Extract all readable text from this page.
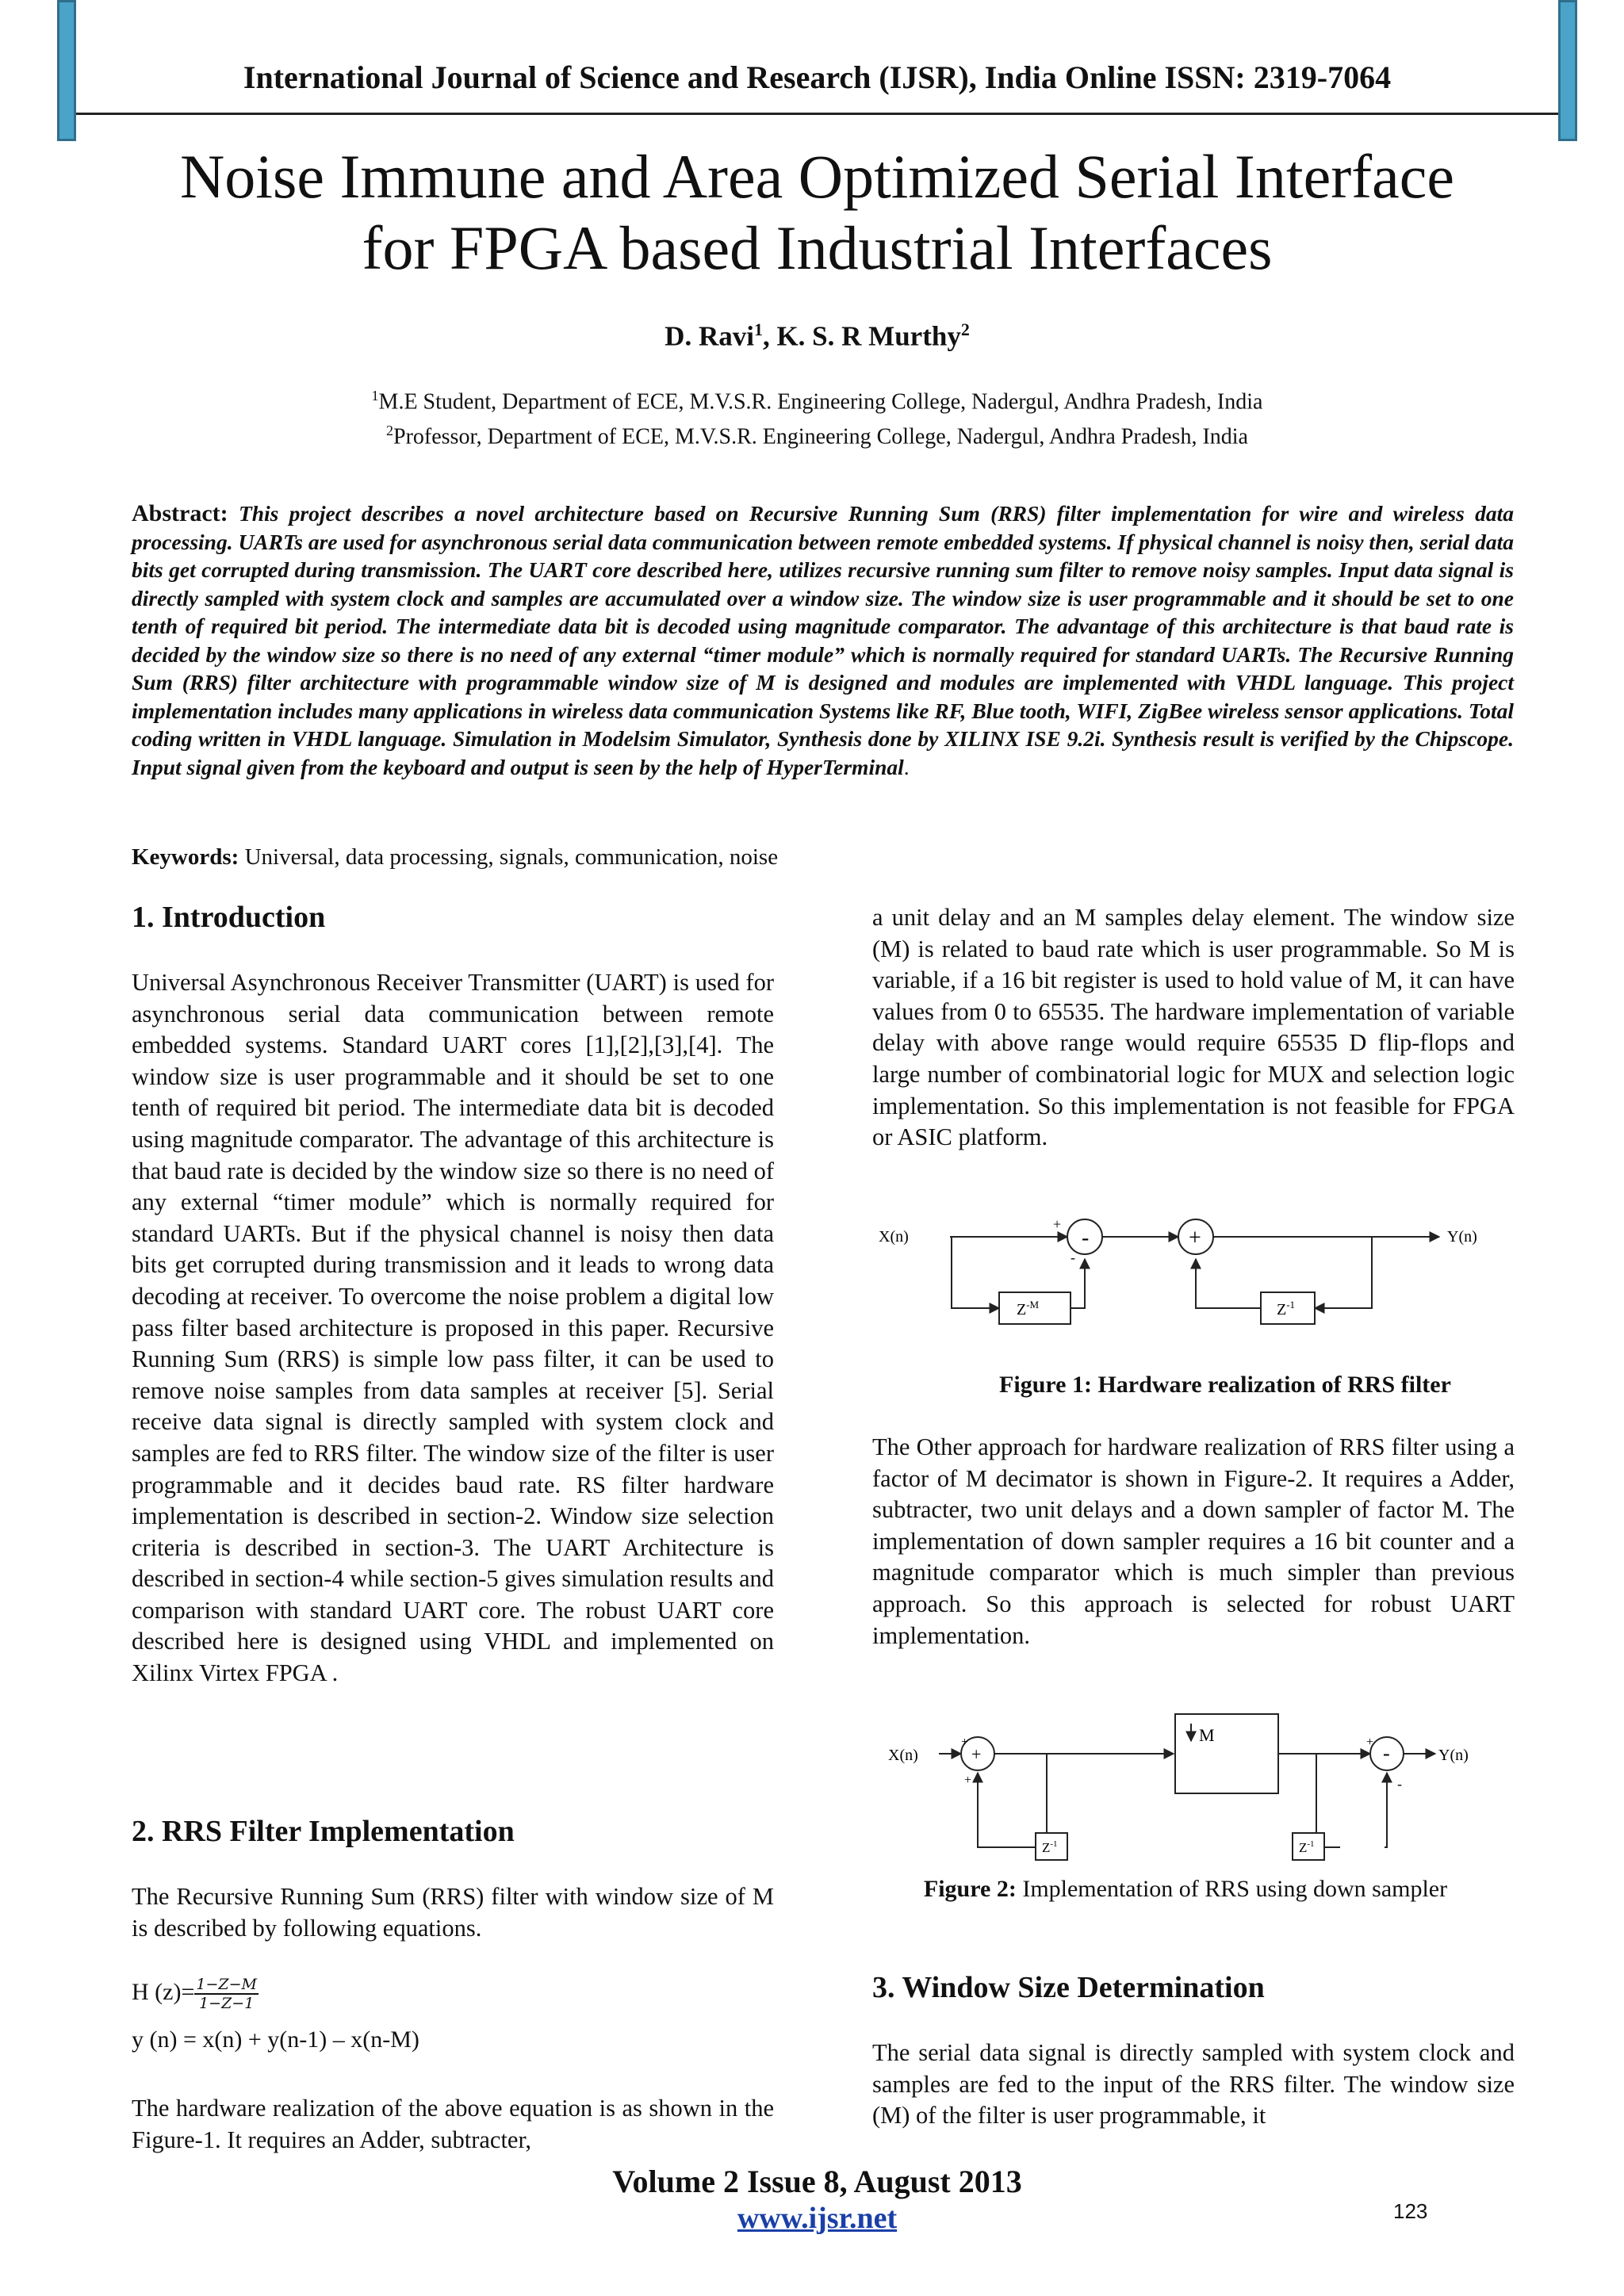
International Journal of Science and Research (IJSR), India Online ISSN: 2319-7064
Noise Immune and Area Optimized Serial Interface
for FPGA based Industrial Interfaces
D. Ravi$^1$, K. S. R Murthy$^2$
$^1$M.E Student, Department of ECE, M.V.S.R. Engineering College, Nadergul, Andhra Pradesh, India
$^2$Professor, Department of ECE, M.V.S.R. Engineering College, Nadergul, Andhra Pradesh, India
Abstract: This project describes a novel architecture based on Recursive Running Sum (RRS) filter implementation for wire and wireless data processing. UARTs are used for asynchronous serial data communication between remote embedded systems. If physical channel is noisy then, serial data bits get corrupted during transmission. The UART core described here, utilizes recursive running sum filter to remove noisy samples. Input data signal is directly sampled with system clock and samples are accumulated over a window size. The window size is user programmable and it should be set to one tenth of required bit period. The intermediate data bit is decoded using magnitude comparator. The advantage of this architecture is that baud rate is decided by the window size so there is no need of any external “timer module” which is normally required for standard UARTs. The Recursive Running Sum (RRS) filter architecture with programmable window size of M is designed and modules are implemented with VHDL language. This project implementation includes many applications in wireless data communication Systems like RF, Blue tooth, WIFI, ZigBee wireless sensor applications. Total coding written in VHDL language. Simulation in Modelsim Simulator, Synthesis done by XILINX ISE 9.2i. Synthesis result is verified by the Chipscope. Input signal given from the keyboard and output is seen by the help of HyperTerminal.
Keywords: Universal, data processing, signals, communication, noise
1. Introduction
Universal Asynchronous Receiver Transmitter (UART) is used for asynchronous serial data communication between remote embedded systems. Standard UART cores [1],[2],[3],[4]. The window size is user programmable and it should be set to one tenth of required bit period. The intermediate data bit is decoded using magnitude comparator. The advantage of this architecture is that baud rate is decided by the window size so there is no need of any external “timer module” which is normally required for standard UARTs. But if the physical channel is noisy then data bits get corrupted during transmission and it leads to wrong data decoding at receiver. To overcome the noise problem a digital low pass filter based architecture is proposed in this paper. Recursive Running Sum (RRS) is simple low pass filter, it can be used to remove noise samples from data samples at receiver [5]. Serial receive data signal is directly sampled with system clock and samples are fed to RRS filter. The window size of the filter is user programmable and it decides baud rate. RS filter hardware implementation is described in section-2. Window size selection criteria is described in section-3. The UART Architecture is described in section-4 while section-5 gives simulation results and comparison with standard UART core. The robust UART core described here is designed using VHDL and implemented on Xilinx Virtex FPGA .
2. RRS Filter Implementation
The Recursive Running Sum (RRS) filter with window size of M is described by following equations.
H $(z)= \frac{1-Z-M}{1-Z-1}$
y (n) = x(n) + y(n-1) – x(n-M)
The hardware realization of the above equation is as shown in the Figure-1. It requires an Adder, subtracter,
a unit delay and an M samples delay element. The window size (M) is related to baud rate which is user programmable. So M is variable, if a 16 bit register is used to hold value of M, it can have values from 0 to 65535. The hardware implementation of variable delay with above range would require 65535 D flip-flops and large number of combinatorial logic for MUX and selection logic implementation. So this implementation is not feasible for FPGA or ASIC platform.
-	+
+
-
X(n)	Y(n)
$Z^{-M}$	$Z^{-1}$
Figure 1: Hardware realization of RRS filter
The Other approach for hardware realization of RRS filter using a factor of M decimator is shown in Figure-2. It requires a Adder, subtracter, two unit delays and a down sampler of factor M. The implementation of down sampler requires a 16 bit counter and a magnitude comparator which is much simpler than previous approach. So this approach is selected for robust UART implementation.
M
+	-
+
+
+
-
X(n)	Y(n)
$Z^{-1}$	$Z^{-1}$
Figure 2: Implementation of RRS using down sampler
3. Window Size Determination
The serial data signal is directly sampled with system clock and samples are fed to the input of the RRS filter. The window size (M) of the filter is user programmable, it
Volume 2 Issue 8, August 2013
www.ijsr.net	123
